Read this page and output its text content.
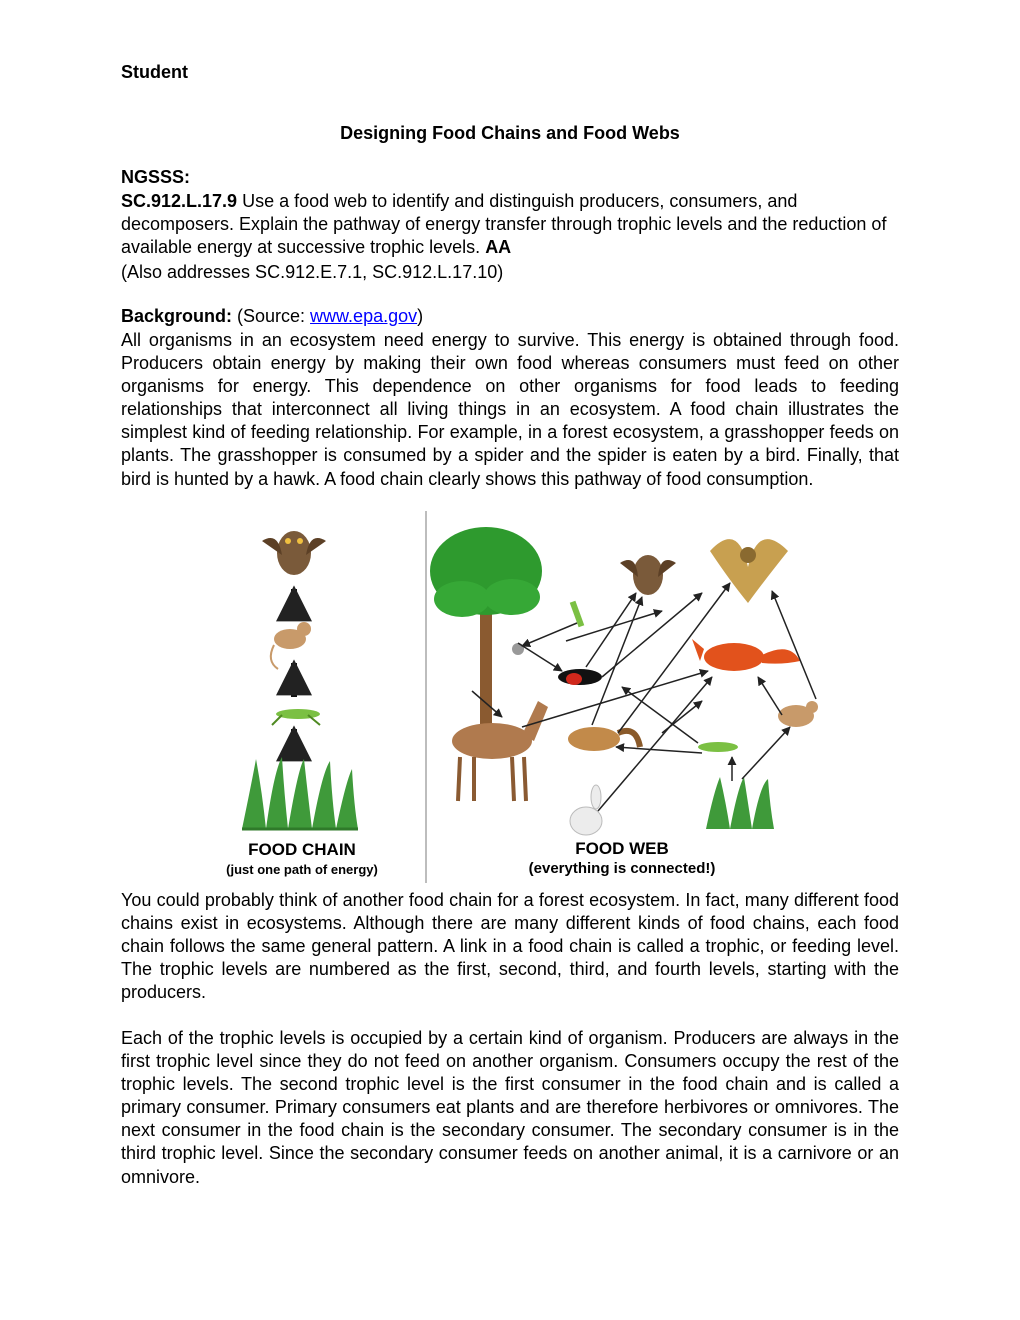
Student
Designing Food Chains and Food Webs
NGSSS:
SC.912.L.17.9 Use a food web to identify and distinguish producers, consumers, and decomposers. Explain the pathway of energy transfer through trophic levels and the reduction of available energy at successive trophic levels. AA
(Also addresses SC.912.E.7.1, SC.912.L.17.10)
Background: (Source: www.epa.gov)
All organisms in an ecosystem need energy to survive. This energy is obtained through food. Producers obtain energy by making their own food whereas consumers must feed on other organisms for energy. This dependence on other organisms for food leads to feeding relationships that interconnect all living things in an ecosystem. A food chain illustrates the simplest kind of feeding relationship. For example, in a forest ecosystem, a grasshopper feeds on plants. The grasshopper is consumed by a spider and the spider is eaten by a bird. Finally, that bird is hunted by a hawk. A food chain clearly shows this pathway of food consumption.
FOOD CHAIN
(just one path of energy)
FOOD WEB
(everything is connected!)
You could probably think of another food chain for a forest ecosystem. In fact, many different food chains exist in ecosystems. Although there are many different kinds of food chains, each food chain follows the same general pattern. A link in a food chain is called a trophic, or feeding level. The trophic levels are numbered as the first, second, third, and fourth levels, starting with the producers.
Each of the trophic levels is occupied by a certain kind of organism. Producers are always in the first trophic level since they do not feed on another organism. Consumers occupy the rest of the trophic levels. The second trophic level is the first consumer in the food chain and is called a primary consumer. Primary consumers eat plants and are therefore herbivores or omnivores. The next consumer in the food chain is the secondary consumer. The secondary consumer is in the third trophic level. Since the secondary consumer feeds on another animal, it is a carnivore or an omnivore.
